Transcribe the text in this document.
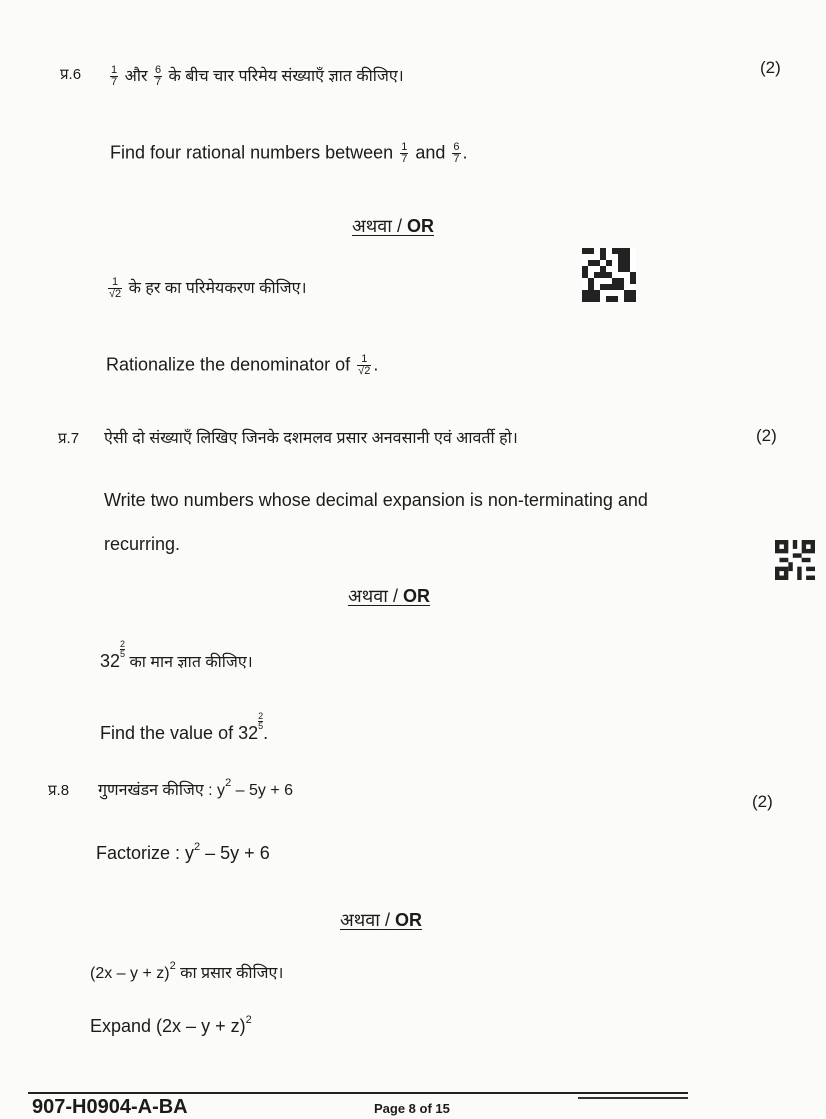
प्र.6	$\frac{1}{7}$ और $\frac{6}{7}$ के बीच चार परिमेय संख्याएँ ज्ञात कीजिए।	(2)
Find four rational numbers between $\frac{1}{7}$ and $\frac{6}{7}$ .
अथवा / OR
$\frac{1}{√2}$ के हर का परिमेयकरण कीजिए।
Rationalize the denominator of $\frac{1}{√2}$ .
प्र.7 ऐसी दो संख्याएँ लिखिए जिनके दशमलव प्रसार अनवसानी एवं आवर्ती हो।	(2)
Write two numbers whose decimal expansion is non-terminating and
recurring.
अथवा / OR
32
$\frac{2}{5}$
का मान ज्ञात कीजिए।
Find the value of 32
$\frac{2}{5}$
.
प्र.8 गुणनखंडन कीजिए : $y^2 - 5y + 6$
(2)
Factorize : $y^2 - 5y + 6$
अथवा / OR
$(2x - y + z)^2$ का प्रसार कीजिए।
Expand $(2x - y + z)^2$
907-H0904-A-BA	Page 8 of 15
